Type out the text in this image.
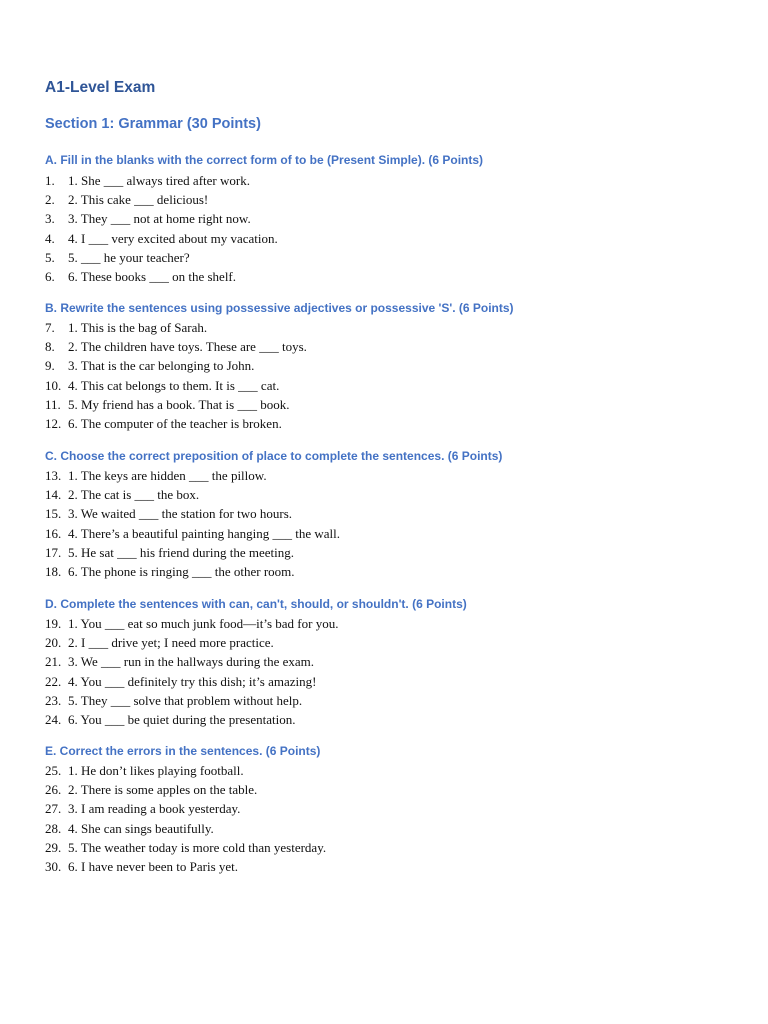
A1-Level Exam
Section 1: Grammar (30 Points)
A. Fill in the blanks with the correct form of to be (Present Simple). (6 Points)
1. 1. She ___ always tired after work.
2. 2. This cake ___ delicious!
3. 3. They ___ not at home right now.
4. 4. I ___ very excited about my vacation.
5. 5. ___ he your teacher?
6. 6. These books ___ on the shelf.
B. Rewrite the sentences using possessive adjectives or possessive 'S'. (6 Points)
7. 1. This is the bag of Sarah.
8. 2. The children have toys. These are ___ toys.
9. 3. That is the car belonging to John.
10. 4. This cat belongs to them. It is ___ cat.
11. 5. My friend has a book. That is ___ book.
12. 6. The computer of the teacher is broken.
C. Choose the correct preposition of place to complete the sentences. (6 Points)
13. 1. The keys are hidden ___ the pillow.
14. 2. The cat is ___ the box.
15. 3. We waited ___ the station for two hours.
16. 4. There’s a beautiful painting hanging ___ the wall.
17. 5. He sat ___ his friend during the meeting.
18. 6. The phone is ringing ___ the other room.
D. Complete the sentences with can, can't, should, or shouldn't. (6 Points)
19. 1. You ___ eat so much junk food—it’s bad for you.
20. 2. I ___ drive yet; I need more practice.
21. 3. We ___ run in the hallways during the exam.
22. 4. You ___ definitely try this dish; it’s amazing!
23. 5. They ___ solve that problem without help.
24. 6. You ___ be quiet during the presentation.
E. Correct the errors in the sentences. (6 Points)
25. 1. He don’t likes playing football.
26. 2. There is some apples on the table.
27. 3. I am reading a book yesterday.
28. 4. She can sings beautifully.
29. 5. The weather today is more cold than yesterday.
30. 6. I have never been to Paris yet.
